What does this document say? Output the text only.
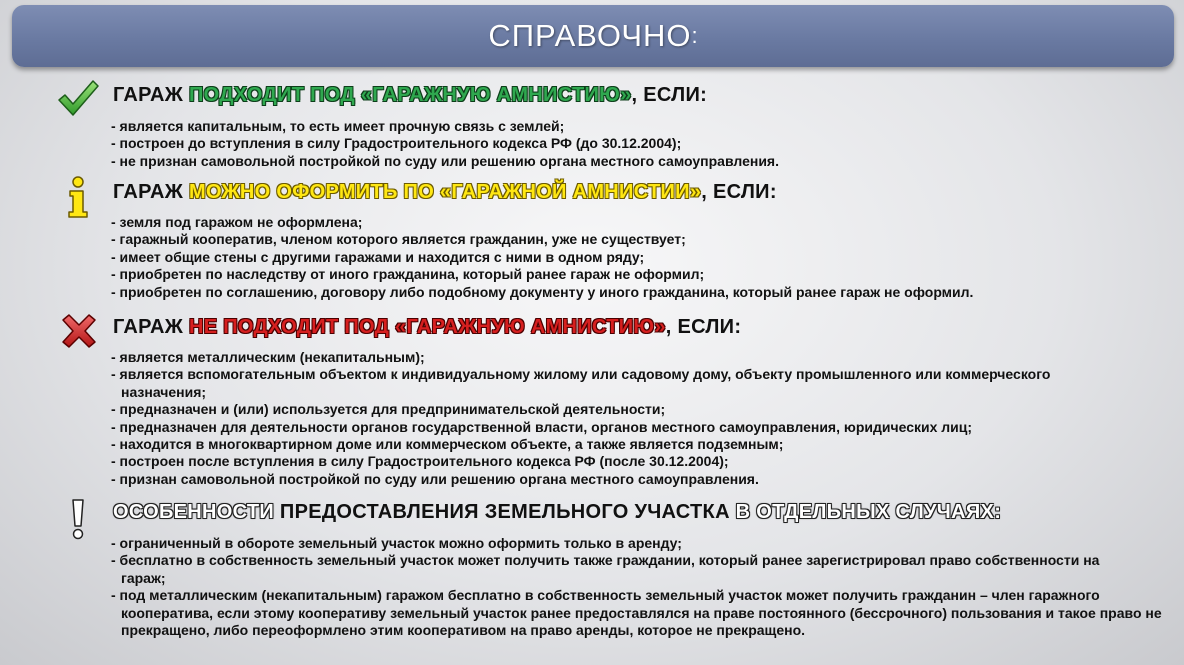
СПРАВОЧНО :
ГАРАЖ ПОДХОДИТ ПОД «ГАРАЖНУЮ АМНИСТИЮ», ЕСЛИ:
- является капитальным, то есть имеет прочную связь с землей;
- построен до вступления в силу Градостроительного кодекса РФ (до 30.12.2004);
- не признан самовольной постройкой по суду или решению органа местного самоуправления.
ГАРАЖ МОЖНО ОФОРМИТЬ ПО «ГАРАЖНОЙ АМНИСТИИ», ЕСЛИ:
- земля под гаражом не оформлена;
- гаражный кооператив, членом которого является гражданин, уже не существует;
- имеет общие стены с другими гаражами и находится с ними в одном ряду;
- приобретен по наследству от иного гражданина, который ранее гараж не оформил;
- приобретен по соглашению, договору либо подобному документу у иного гражданина, который ранее гараж не оформил.
ГАРАЖ НЕ ПОДХОДИТ ПОД «ГАРАЖНУЮ АМНИСТИЮ», ЕСЛИ:
- является металлическим (некапитальным);
- является вспомогательным объектом к индивидуальному жилому или садовому дому, объекту промышленного или коммерческого назначения;
- предназначен и (или) используется для предпринимательской деятельности;
- предназначен для деятельности органов государственной власти, органов местного самоуправления, юридических лиц;
- находится в многоквартирном доме или коммерческом объекте, а также является подземным;
- построен после вступления в силу Градостроительного кодекса РФ (после 30.12.2004);
- признан самовольной постройкой по суду или решению органа местного самоуправления.
ОСОБЕННОСТИ ПРЕДОСТАВЛЕНИЯ ЗЕМЕЛЬНОГО УЧАСТКА В ОТДЕЛЬНЫХ СЛУЧАЯХ:
- ограниченный в обороте земельный участок можно оформить только в аренду;
- бесплатно в собственность земельный участок может получить также граждании, который ранее зарегистрировал право собственности на гараж;
- под металлическим (некапитальным) гаражом бесплатно в собственность земельный участок может получить гражданин – член гаражного кооператива, если этому кооперативу земельный участок ранее предоставлялся на праве постоянного (бессрочного) пользования и такое право не прекращено, либо переоформлено этим кооперативом на право аренды, которое не прекращено.
